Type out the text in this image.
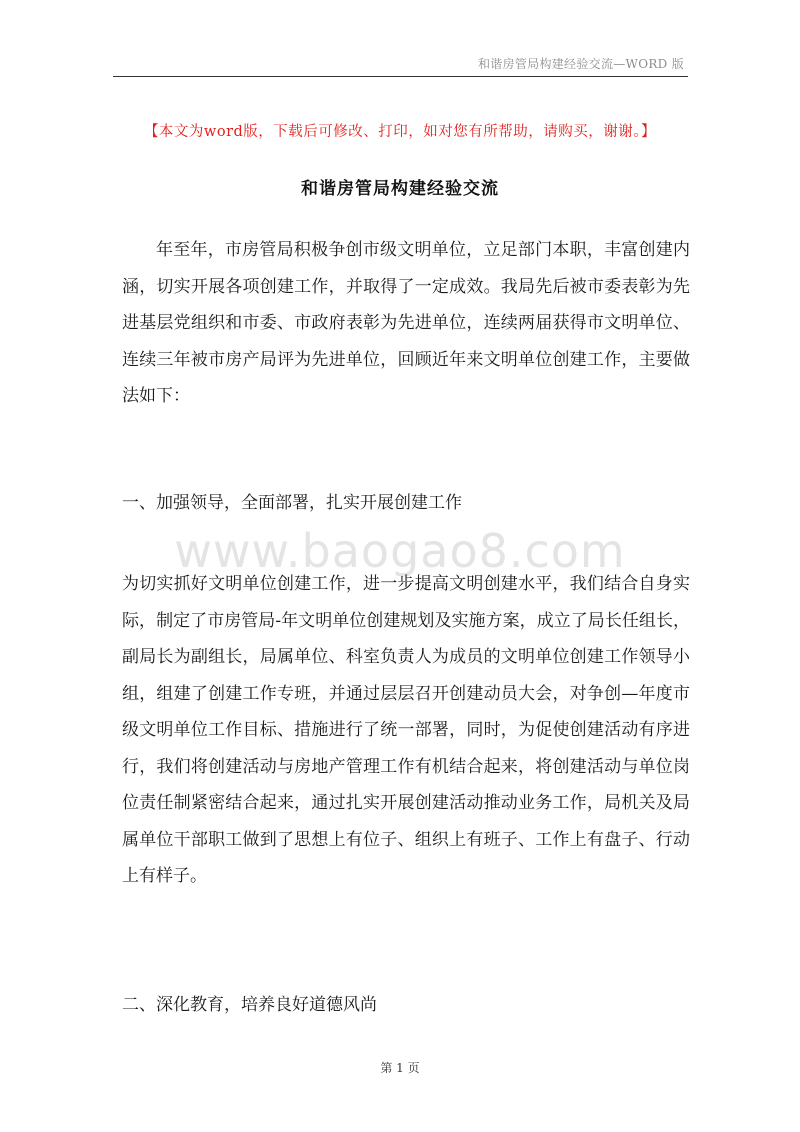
和谐房管局构建经验交流—WORD 版
【本文为word版，下载后可修改、打印，如对您有所帮助，请购买，谢谢。】
和谐房管局构建经验交流

年至年，市房管局积极争创市级文明单位，立足部门本职，丰富创建内涵，切实开展各项创建工作，并取得了一定成效。我局先后被市委表彰为先进基层党组织和市委、市政府表彰为先进单位，连续两届获得市文明单位、连续三年被市房产局评为先进单位，回顾近年来文明单位创建工作，主要做法如下：

一、加强领导，全面部署，扎实开展创建工作
www.baogao8.com

为切实抓好文明单位创建工作，进一步提高文明创建水平，我们结合自身实际，制定了市房管局-年文明单位创建规划及实施方案，成立了局长任组长，副局长为副组长，局属单位、科室负责人为成员的文明单位创建工作领导小组，组建了创建工作专班，并通过层层召开创建动员大会，对争创—年度市级文明单位工作目标、措施进行了统一部署，同时，为促使创建活动有序进行，我们将创建活动与房地产管理工作有机结合起来，将创建活动与单位岗位责任制紧密结合起来，通过扎实开展创建活动推动业务工作，局机关及局属单位干部职工做到了思想上有位子、组织上有班子、工作上有盘子、行动上有样子。

二、深化教育，培养良好道德风尚
第 1 页
